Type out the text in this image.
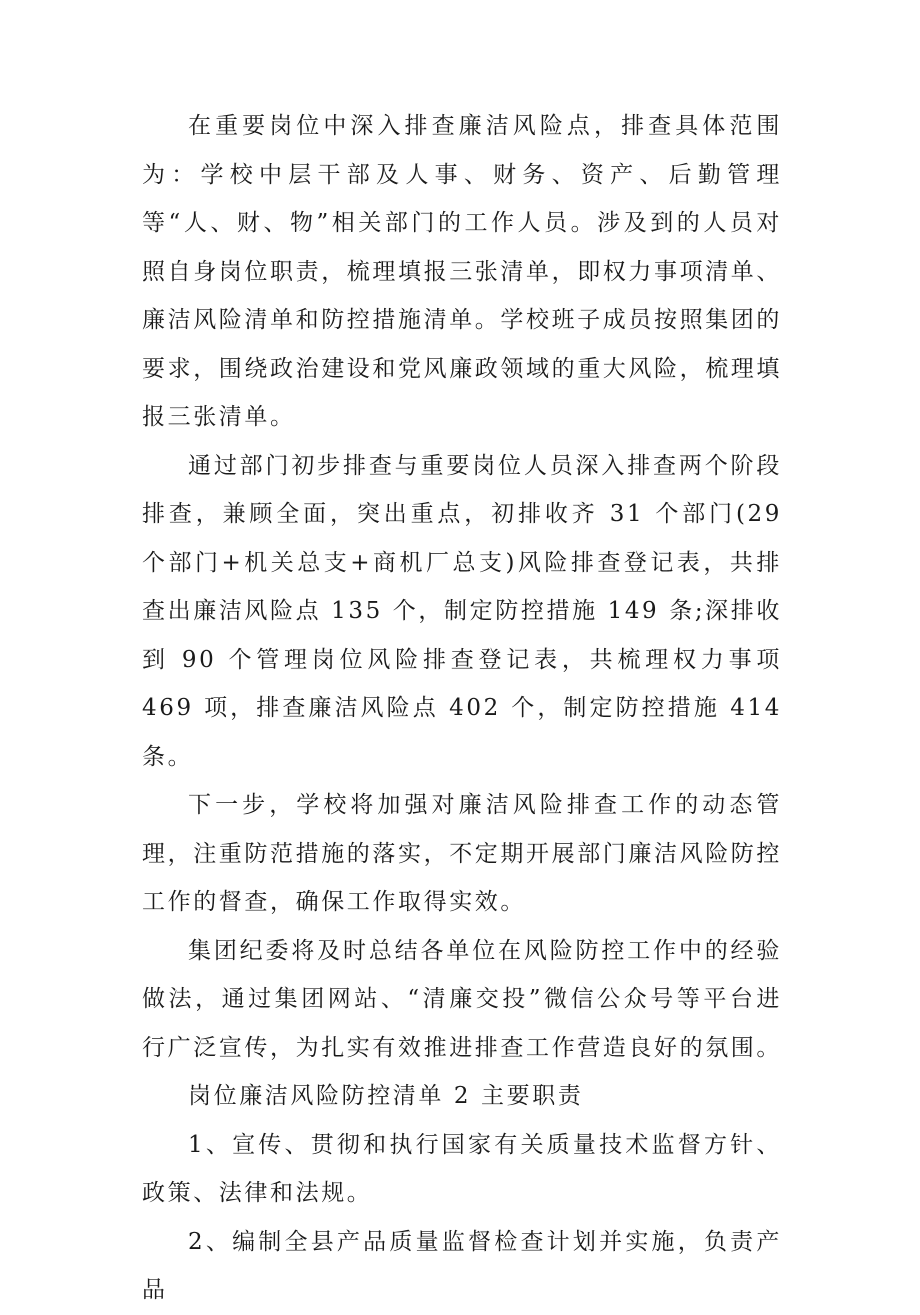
在重要岗位中深入排查廉洁风险点，排查具体范围为：学校中层干部及人事、财务、资产、后勤管理等“人、财、物”相关部门的工作人员。涉及到的人员对照自身岗位职责，梳理填报三张清单，即权力事项清单、廉洁风险清单和防控措施清单。学校班子成员按照集团的要求，围绕政治建设和党风廉政领域的重大风险，梳理填报三张清单。

通过部门初步排查与重要岗位人员深入排查两个阶段排查，兼顾全面，突出重点，初排收齐 31 个部门(29 个部门+机关总支+商机厂总支)风险排查登记表，共排查出廉洁风险点 135 个，制定防控措施 149 条;深排收到 90 个管理岗位风险排查登记表，共梳理权力事项 469 项，排查廉洁风险点 402 个，制定防控措施 414 条。

下一步，学校将加强对廉洁风险排查工作的动态管理，注重防范措施的落实，不定期开展部门廉洁风险防控工作的督查，确保工作取得实效。

集团纪委将及时总结各单位在风险防控工作中的经验做法，通过集团网站、“清廉交投”微信公众号等平台进行广泛宣传，为扎实有效推进排查工作营造良好的氛围。

岗位廉洁风险防控清单 2 主要职责

1、宣传、贯彻和执行国家有关质量技术监督方针、政策、法律和法规。

2、编制全县产品质量监督检查计划并实施，负责产品
